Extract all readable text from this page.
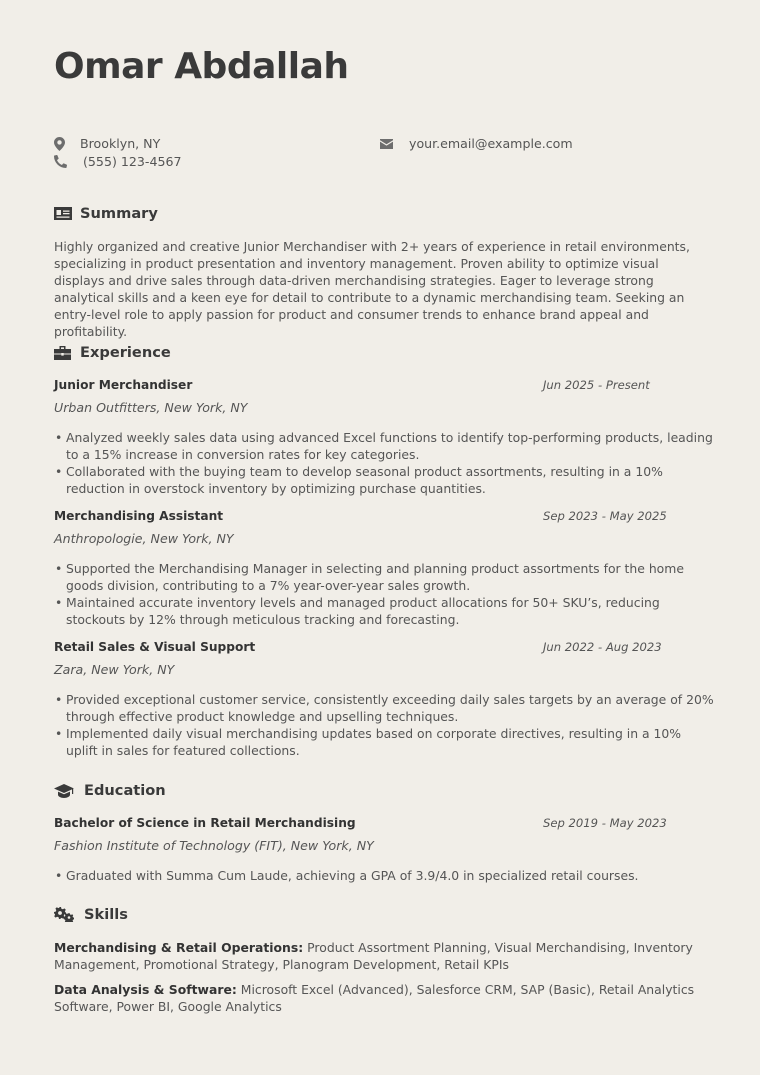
Omar Abdallah
Brooklyn, NY
(555) 123-4567
your.email@example.com
Summary
Highly organized and creative Junior Merchandiser with 2+ years of experience in retail environments, specializing in product presentation and inventory management. Proven ability to optimize visual displays and drive sales through data-driven merchandising strategies. Eager to leverage strong analytical skills and a keen eye for detail to contribute to a dynamic merchandising team. Seeking an entry-level role to apply passion for product and consumer trends to enhance brand appeal and profitability.
Experience
Junior Merchandiser	Jun 2025 - Present
Urban Outfitters, New York, NY
• Analyzed weekly sales data using advanced Excel functions to identify top-performing products, leading to a 15% increase in conversion rates for key categories.
• Collaborated with the buying team to develop seasonal product assortments, resulting in a 10% reduction in overstock inventory by optimizing purchase quantities.
Merchandising Assistant	Sep 2023 - May 2025
Anthropologie, New York, NY
• Supported the Merchandising Manager in selecting and planning product assortments for the home goods division, contributing to a 7% year-over-year sales growth.
• Maintained accurate inventory levels and managed product allocations for 50+ SKU’s, reducing stockouts by 12% through meticulous tracking and forecasting.
Retail Sales & Visual Support	Jun 2022 - Aug 2023
Zara, New York, NY
• Provided exceptional customer service, consistently exceeding daily sales targets by an average of 20% through effective product knowledge and upselling techniques.
• Implemented daily visual merchandising updates based on corporate directives, resulting in a 10% uplift in sales for featured collections.
Education
Bachelor of Science in Retail Merchandising	Sep 2019 - May 2023
Fashion Institute of Technology (FIT), New York, NY
• Graduated with Summa Cum Laude, achieving a GPA of 3.9/4.0 in specialized retail courses.
Skills
Merchandising & Retail Operations: Product Assortment Planning, Visual Merchandising, Inventory Management, Promotional Strategy, Planogram Development, Retail KPIs
Data Analysis & Software: Microsoft Excel (Advanced), Salesforce CRM, SAP (Basic), Retail Analytics Software, Power BI, Google Analytics
